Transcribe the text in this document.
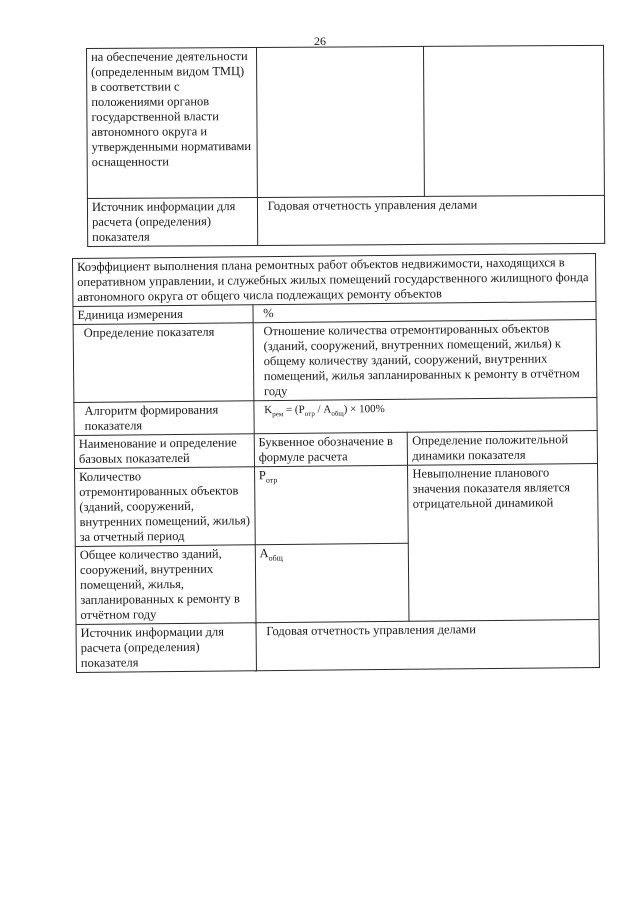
26
на обеспечение деятельности (определенным видом ТМЦ) в соответствии с положениями органов государственной власти автономного округа и утвержденными нормативами оснащенности		
Источник информации для расчета (определения) показателя	Годовая отчетность управления делами	
Коэффициент выполнения плана ремонтных работ объектов недвижимости, находящихся в оперативном управлении, и служебных жилых помещений государственного жилищного фонда автономного округа от общего числа подлежащих ремонту объектов		
Единица измерения	%	
Определение показателя	Отношение количества отремонтированных объектов (зданий, сооружений, внутренних помещений, жилья) к общему количеству зданий, сооружений, внутренних помещений, жилья запланированных к ремонту в отчётном году	
Алгоритм формирования показателя	$K_{рем} = (P_{отр} / A_{общ}) \times 100\%$	
Наименование и определение базовых показателей	Буквенное обозначение в формуле расчета	Определение положительной динамики показателя
Количество отремонтированных объектов (зданий, сооружений, внутренних помещений, жилья) за отчетный период	$P_{отр}$	Невыполнение планового значения показателя является отрицательной динамикой
Общее количество зданий, сооружений, внутренних помещений, жилья, запланированных к ремонту в отчётном году	$A_{общ}$
Источник информации для расчета (определения) показателя	Годовая отчетность управления делами	
